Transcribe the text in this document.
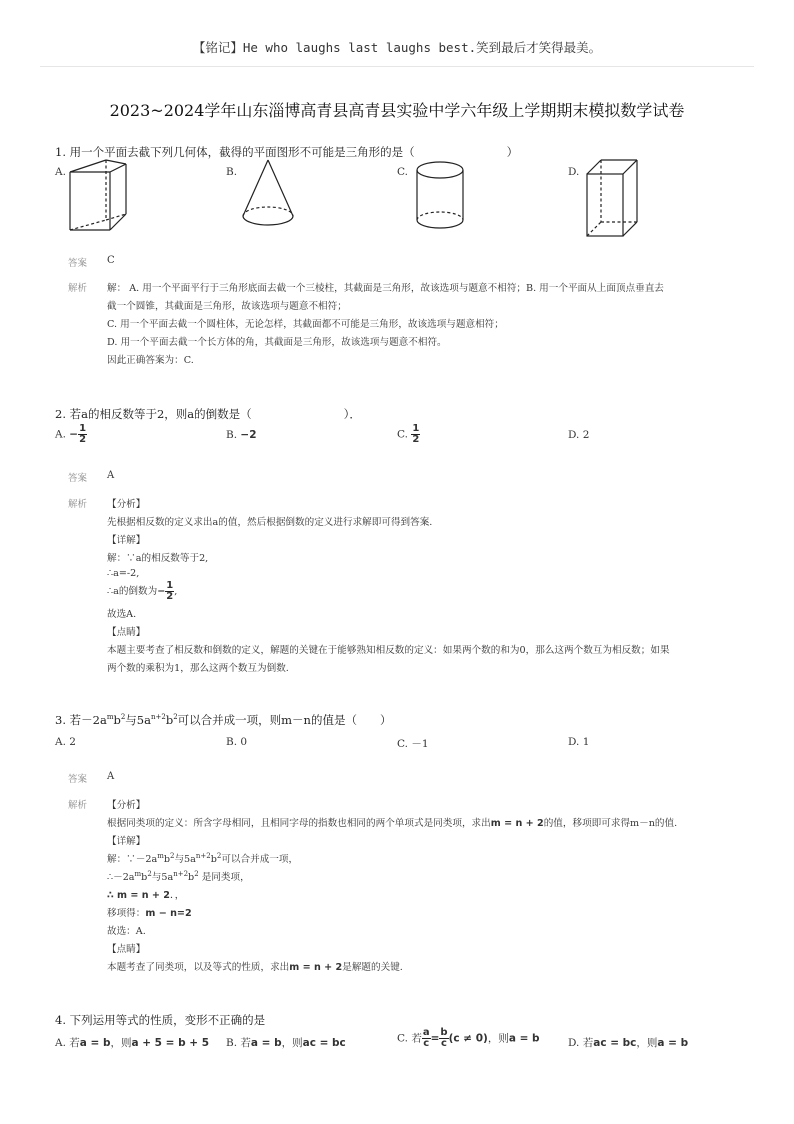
【铭记】He who laughs last laughs best.笑到最后才笑得最美。
2023~2024学年山东淄博高青县高青县实验中学六年级上学期期末模拟数学试卷
1. 用一个平面去截下列几何体，截得的平面图形不可能是三角形的是（　　　　　　　　）
A.	B.	C.	D.
答案 C
解析 解： A. 用一个平面平行于三角形底面去截一个三棱柱，其截面是三角形，故该选项与题意不相符；B. 用一个平面从上面顶点垂直去
截一个圆锥，其截面是三角形，故该选项与题意不相符；
C. 用一个平面去截一个圆柱体，无论怎样，其截面都不可能是三角形，故该选项与题意相符；
D. 用一个平面去截一个长方体的角，其截面是三角形，故该选项与题意不相符。
因此正确答案为：C.
2. 若a的相反数等于2，则a的倒数是（　　　　　　　　）．
A. − $\frac{1}{2}$	B. −2	C. $\frac{1}{2}$	D. 2
答案 A
解析 【分析】
先根据相反数的定义求出a的值，然后根据倒数的定义进行求解即可得到答案.
【详解】
解：∵a的相反数等于2,
∴a=-2,
∴a的倒数为− $\frac{1}{2}$ ,
故选A.
【点睛】
本题主要考查了相反数和倒数的定义，解题的关键在于能够熟知相反数的定义：如果两个数的和为0，那么这两个数互为相反数；如果
两个数的乘积为1，那么这两个数互为倒数.
3. 若$-2a^mb^2$与$5a^{n+2}b^2$可以合并成一项，则m－n的值是（　　）
A. 2	B. 0	C. －1	D. 1
答案 A
解析 【分析】
根据同类项的定义：所含字母相同，且相同字母的指数也相同的两个单项式是同类项，求出m = n + 2的值，移项即可求得m－n的值.
【详解】
解：$\because-2a^mb^2$与$5a^{n+2}b^2$可以合并成一项，
$\therefore-2a^mb^2$与$5a^{n+2}b^2$ 是同类项，
∴ m = n + 2．，
移项得：m − n=2
故选：A.
【点睛】
本题考查了同类项，以及等式的性质，求出m = n + 2是解题的关键.
4. 下列运用等式的性质，变形不正确的是
A. 若a = b，则a + 5 = b + 5 B. 若a = b，则ac = bc	C. 若 $\frac{a}{c} = \frac{b}{c} (c \ne 0)$，则a = b	D. 若ac = bc，则a = b
